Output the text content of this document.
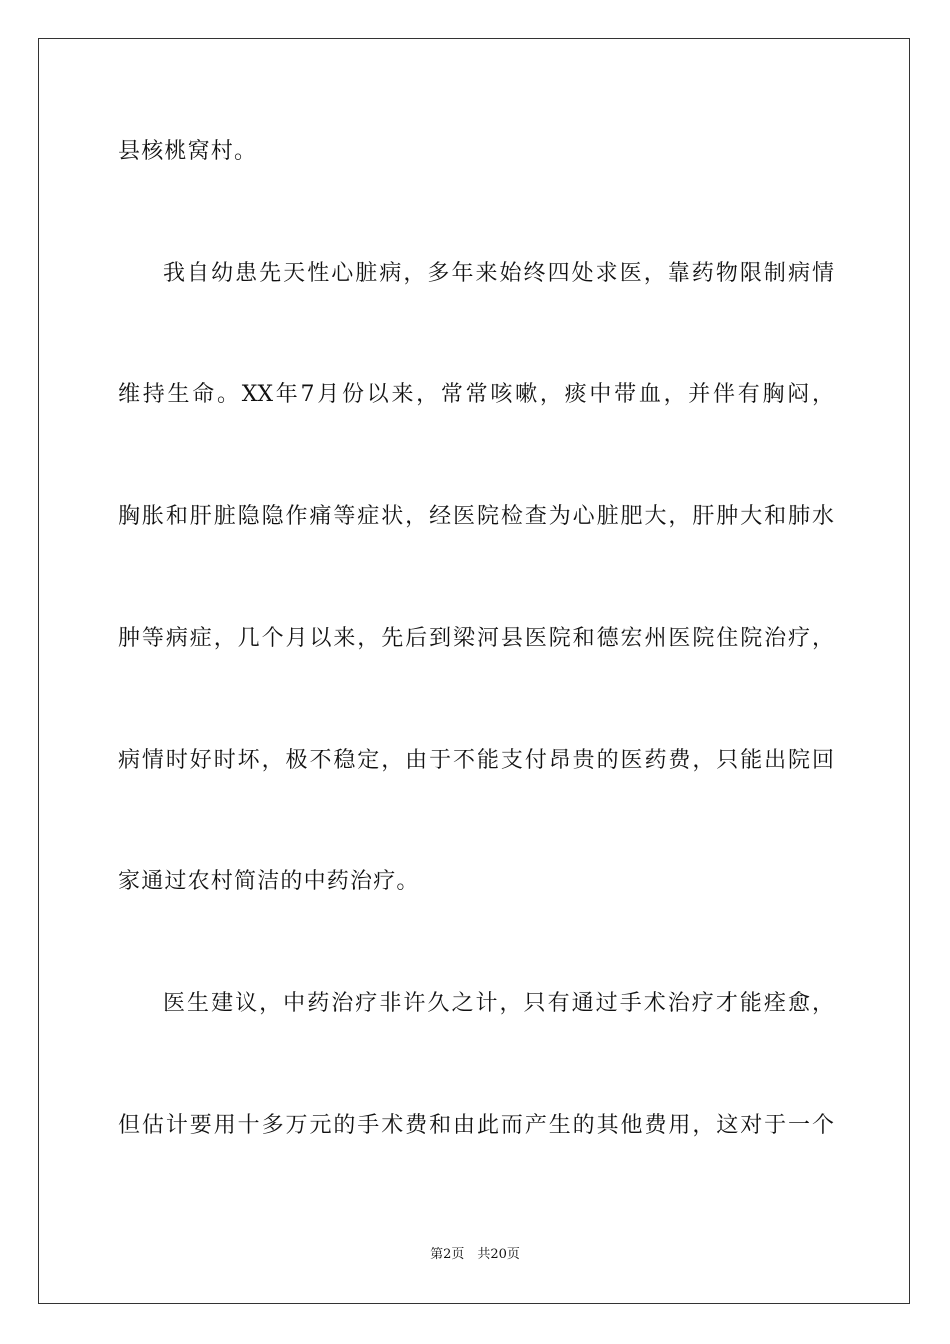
县核桃窝村。
我自幼患先天性心脏病，多年来始终四处求医，靠药物限制病情
维持生命。XX年7月份以来，常常咳嗽，痰中带血，并伴有胸闷，
胸胀和肝脏隐隐作痛等症状，经医院检查为心脏肥大，肝肿大和肺水
肿等病症，几个月以来，先后到梁河县医院和德宏州医院住院治疗，
病情时好时坏，极不稳定，由于不能支付昂贵的医药费，只能出院回
家通过农村简洁的中药治疗。
医生建议，中药治疗非许久之计，只有通过手术治疗才能痊愈，
但估计要用十多万元的手术费和由此而产生的其他费用，这对于一个
第2页　共20页
